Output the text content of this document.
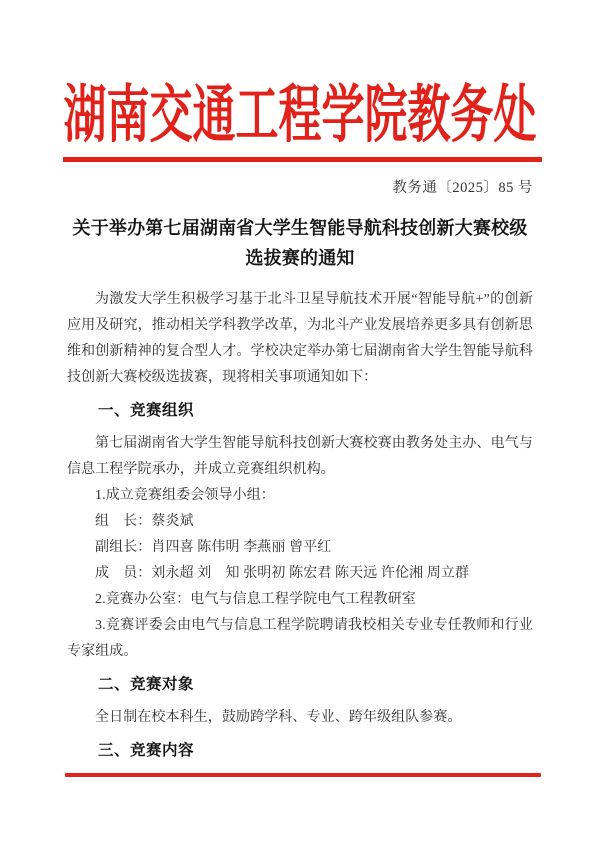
湖南交通工程学院教务处
教务通〔2025〕85 号
关于举办第七届湖南省大学生智能导航科技创新大赛校级
选拔赛的通知

为激发大学生积极学习基于北斗卫星导航技术开展“智能导航+”的创新应用及研究，推动相关学科教学改革，为北斗产业发展培养更多具有创新思维和创新精神的复合型人才。学校决定举办第七届湖南省大学生智能导航科技创新大赛校级选拔赛，现将相关事项通知如下：

一、竞赛组织

第七届湖南省大学生智能导航科技创新大赛校赛由教务处主办、电气与信息工程学院承办，并成立竞赛组织机构。

1.成立竞赛组委会领导小组：

组　长：蔡炎斌

副组长：肖四喜 陈伟明 李燕丽 曾平红

成　员：刘永超 刘　知 张明初 陈宏君 陈天远 许伦湘 周立群

2.竞赛办公室：电气与信息工程学院电气工程教研室

3.竞赛评委会由电气与信息工程学院聘请我校相关专业专任教师和行业专家组成。

二、竞赛对象

全日制在校本科生，鼓励跨学科、专业、跨年级组队参赛。

三、竞赛内容
